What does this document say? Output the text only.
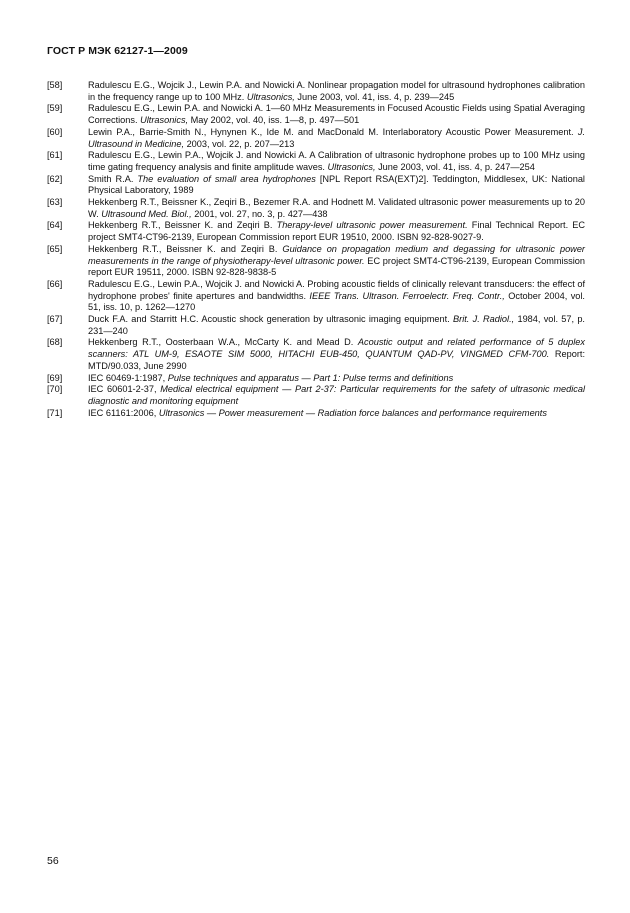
ГОСТ Р МЭК 62127-1—2009
[58]	Radulescu E.G., Wojcik J., Lewin P.A. and Nowicki A. Nonlinear propagation model for ultrasound hydrophones calibration in the frequency range up to 100 MHz. Ultrasonics, June 2003, vol. 41, iss. 4, p. 239—245
[59]	Radulescu E.G., Lewin P.A. and Nowicki A. 1—60 MHz Measurements in Focused Acoustic Fields using Spatial Averaging Corrections. Ultrasonics, May 2002, vol. 40, iss. 1—8, p. 497—501
[60]	Lewin P.A., Barrie-Smith N., Hynynen K., Ide M. and MacDonald M. Interlaboratory Acoustic Power Measurement. J. Ultrasound in Medicine, 2003, vol. 22, p. 207—213
[61]	Radulescu E.G., Lewin P.A., Wojcik J. and Nowicki A. A Calibration of ultrasonic hydrophone probes up to 100 MHz using time gating frequency analysis and finite amplitude waves. Ultrasonics, June 2003, vol. 41, iss. 4, p. 247—254
[62]	Smith R.A. The evaluation of small area hydrophones [NPL Report RSA(EXT)2]. Teddington, Middlesex, UK: National Physical Laboratory, 1989
[63]	Hekkenberg R.T., Beissner K., Zeqiri B., Bezemer R.A. and Hodnett M. Validated ultrasonic power measurements up to 20 W. Ultrasound Med. Biol., 2001, vol. 27, no. 3, p. 427—438
[64]	Hekkenberg R.T., Beissner K. and Zeqiri B. Therapy-level ultrasonic power measurement. Final Technical Report. EC project SMT4-CT96-2139, European Commission report EUR 19510, 2000. ISBN 92-828-9027-9.
[65]	Hekkenberg R.T., Beissner K. and Zeqiri B. Guidance on propagation medium and degassing for ultrasonic power measurements in the range of physiotherapy-level ultrasonic power. EC project SMT4-CT96-2139, European Commission report EUR 19511, 2000. ISBN 92-828-9838-5
[66]	Radulescu E.G., Lewin P.A., Wojcik J. and Nowicki A. Probing acoustic fields of clinically relevant transducers: the effect of hydrophone probes' finite apertures and bandwidths. IEEE Trans. Ultrason. Ferroelectr. Freq. Contr., October 2004, vol. 51, iss. 10, p. 1262—1270
[67]	Duck F.A. and Starritt H.C. Acoustic shock generation by ultrasonic imaging equipment. Brit. J. Radiol., 1984, vol. 57, p. 231—240
[68]	Hekkenberg R.T., Oosterbaan W.A., McCarty K. and Mead D. Acoustic output and related performance of 5 duplex scanners: ATL UM-9, ESAOTE SIM 5000, HITACHI EUB-450, QUANTUM QAD-PV, VINGMED CFM-700. Report: MTD/90.033, June 2990
[69]	IEC 60469-1:1987, Pulse techniques and apparatus — Part 1: Pulse terms and definitions
[70]	IEC 60601-2-37, Medical electrical equipment — Part 2-37: Particular requirements for the safety of ultrasonic medical diagnostic and monitoring equipment
[71]	IEC 61161:2006, Ultrasonics — Power measurement — Radiation force balances and performance requirements
56
